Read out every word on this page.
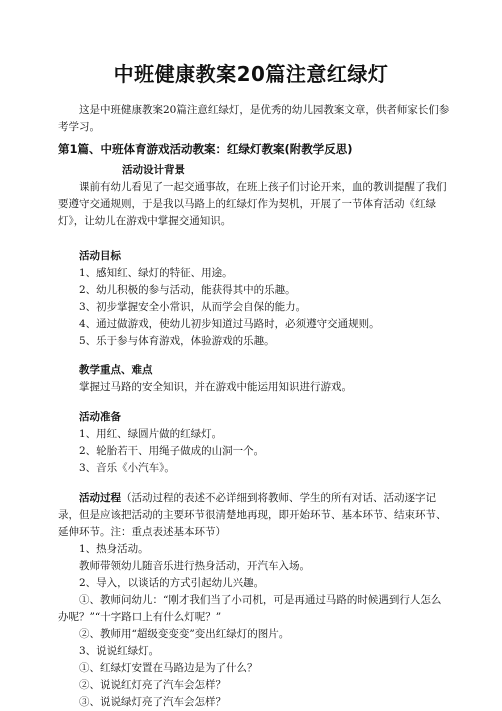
中班健康教案20篇注意红绿灯

这是中班健康教案20篇注意红绿灯，是优秀的幼儿园教案文章，供者师家长们参考学习。

第1篇、中班体育游戏活动教案：红绿灯教案(附教学反思)

活动设计背景

课前有幼儿看见了一起交通事故，在班上孩子们讨论开来，血的教训提醒了我们要遵守交通规则，于是我以马路上的红绿灯作为契机，开展了一节体育活动《红绿灯》，让幼儿在游戏中掌握交通知识。

活动目标

1、感知红、绿灯的特征、用途。

2、幼儿积极的参与活动，能获得其中的乐趣。

3、初步掌握安全小常识，从而学会自保的能力。

4、通过做游戏，使幼儿初步知道过马路时，必须遵守交通规则。

5、乐于参与体育游戏，体验游戏的乐趣。

教学重点、难点

掌握过马路的安全知识，并在游戏中能运用知识进行游戏。

活动准备

1、用红、绿圆片做的红绿灯。

2、轮胎若干、用绳子做成的山洞一个。

3、音乐《小汽车》。

活动过程（活动过程的表述不必详细到将教师、学生的所有对话、活动逐字记录，但是应该把活动的主要环节很清楚地再现，即开始环节、基本环节、结束环节、延伸环节。注：重点表述基本环节）

1、热身活动。

教师带领幼儿随音乐进行热身活动，开汽车入场。

2、导入，以谈话的方式引起幼儿兴趣。

①、教师问幼儿：“刚才我们当了小司机，可是再通过马路的时候遇到行人怎么办呢？”“十字路口上有什么灯呢？”

②、教师用“超级变变变”变出红绿灯的图片。

3、说说红绿灯。

①、红绿灯安置在马路边是为了什么？

②、说说红灯亮了汽车会怎样？

③、说说绿灯亮了汽车会怎样？
